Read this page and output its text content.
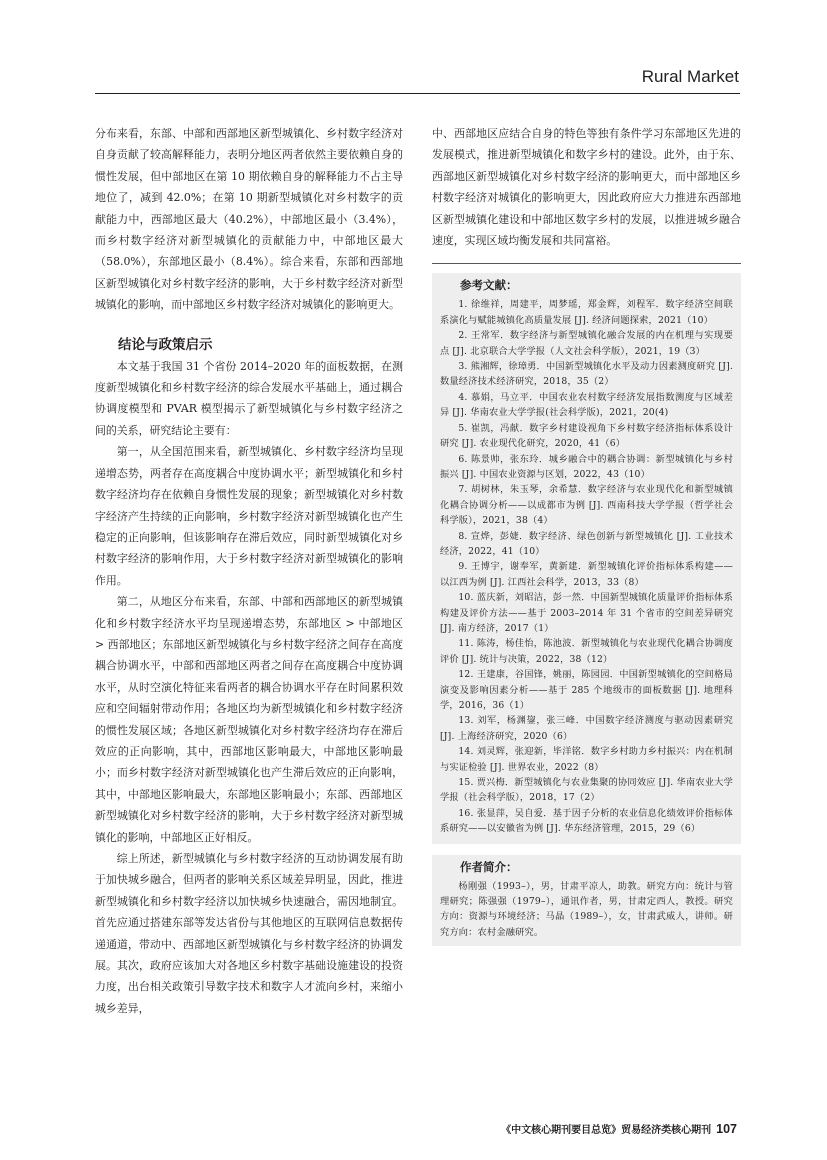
Rural Market

分布来看，东部、中部和西部地区新型城镇化、乡村数字经济对自身贡献了较高解释能力，表明分地区两者依然主要依赖自身的惯性发展，但中部地区在第 10 期依赖自身的解释能力不占主导地位了，减到 42.0%；在第 10 期新型城镇化对乡村数字的贡献能力中，西部地区最大（40.2%），中部地区最小（3.4%），而乡村数字经济对新型城镇化的贡献能力中，中部地区最大（58.0%），东部地区最小（8.4%）。综合来看，东部和西部地区新型城镇化对乡村数字经济的影响，大于乡村数字经济对新型城镇化的影响，而中部地区乡村数字经济对城镇化的影响更大。

结论与政策启示

本文基于我国 31 个省份 2014–2020 年的面板数据，在测度新型城镇化和乡村数字经济的综合发展水平基础上，通过耦合协调度模型和 PVAR 模型揭示了新型城镇化与乡村数字经济之间的关系，研究结论主要有：

第一，从全国范围来看，新型城镇化、乡村数字经济均呈现递增态势，两者存在高度耦合中度协调水平；新型城镇化和乡村数字经济均存在依赖自身惯性发展的现象；新型城镇化对乡村数字经济产生持续的正向影响，乡村数字经济对新型城镇化也产生稳定的正向影响，但该影响存在滞后效应，同时新型城镇化对乡村数字经济的影响作用，大于乡村数字经济对新型城镇化的影响作用。

第二，从地区分布来看，东部、中部和西部地区的新型城镇化和乡村数字经济水平均呈现递增态势，东部地区 > 中部地区 > 西部地区；东部地区新型城镇化与乡村数字经济之间存在高度耦合协调水平，中部和西部地区两者之间存在高度耦合中度协调水平，从时空演化特征来看两者的耦合协调水平存在时间累积效应和空间辐射带动作用；各地区均为新型城镇化和乡村数字经济的惯性发展区域；各地区新型城镇化对乡村数字经济均存在滞后效应的正向影响，其中，西部地区影响最大，中部地区影响最小；而乡村数字经济对新型城镇化也产生滞后效应的正向影响，其中，中部地区影响最大，东部地区影响最小；东部、西部地区新型城镇化对乡村数字经济的影响，大于乡村数字经济对新型城镇化的影响，中部地区正好相反。

综上所述，新型城镇化与乡村数字经济的互动协调发展有助于加快城乡融合，但两者的影响关系区域差异明显，因此，推进新型城镇化和乡村数字经济以加快城乡快速融合，需因地制宜。首先应通过搭建东部等发达省份与其他地区的互联网信息数据传递通道，带动中、西部地区新型城镇化与乡村数字经济的协调发展。其次，政府应该加大对各地区乡村数字基础设施建设的投资力度，出台相关政策引导数字技术和数字人才流向乡村，来缩小城乡差异，

中、西部地区应结合自身的特色等独有条件学习东部地区先进的发展模式，推进新型城镇化和数字乡村的建设。此外，由于东、西部地区新型城镇化对乡村数字经济的影响更大，而中部地区乡村数字经济对城镇化的影响更大，因此政府应大力推进东西部地区新型城镇化建设和中部地区数字乡村的发展，以推进城乡融合速度，实现区域均衡发展和共同富裕。

参考文献：

1. 徐维祥，周建平，周梦瑶，郑金辉，刘程军．数字经济空间联系演化与赋能城镇化高质量发展 [J]. 经济问题探索，2021（10）

2. 王常军．数字经济与新型城镇化融合发展的内在机理与实现要点 [J]. 北京联合大学学报（人文社会科学版），2021，19（3）

3. 熊湘辉，徐璋勇．中国新型城镇化水平及动力因素测度研究 [J]. 数量经济技术经济研究，2018，35（2）

4. 慕娟，马立平．中国农业农村数字经济发展指数测度与区域差异 [J]. 华南农业大学学报(社会科学版)，2021，20(4)

5. 崔凯，冯献．数字乡村建设视角下乡村数字经济指标体系设计研究 [J]. 农业现代化研究，2020，41（6）

6. 陈景帅，张东玲．城乡融合中的耦合协调：新型城镇化与乡村振兴 [J]. 中国农业资源与区划，2022，43（10）

7. 胡树林，朱玉琴，余希慧．数字经济与农业现代化和新型城镇化耦合协调分析——以成都市为例 [J]. 西南科技大学学报（哲学社会科学版），2021，38（4）

8. 宣烨，彭婕．数字经济、绿色创新与新型城镇化 [J]. 工业技术经济，2022，41（10）

9. 王博宇，谢奉军，黄新建．新型城镇化评价指标体系构建——以江西为例 [J]. 江西社会科学，2013，33（8）

10. 蓝庆新，刘昭洁，彭一然．中国新型城镇化质量评价指标体系构建及评价方法——基于 2003–2014 年 31 个省市的空间差异研究 [J]. 南方经济，2017（1）

11. 陈涛，杨佳怡，陈池波．新型城镇化与农业现代化耦合协调度评价 [J]. 统计与决策，2022，38（12）

12. 王建康，谷国锋，姚丽，陈园园．中国新型城镇化的空间格局演变及影响因素分析——基于 285 个地级市的面板数据 [J]. 地理科学，2016，36（1）

13. 刘军，杨渊鋆，张三峰．中国数字经济测度与驱动因素研究 [J]. 上海经济研究，2020（6）

14. 刘灵辉，张迎新，毕洋铭．数字乡村助力乡村振兴：内在机制与实证检验 [J]. 世界农业，2022（8）

15. 贾兴梅．新型城镇化与农业集聚的协同效应 [J]. 华南农业大学学报（社会科学版），2018，17（2）

16. 张显萍，吴自爱．基于因子分析的农业信息化绩效评价指标体系研究——以安徽省为例 [J]. 华东经济管理，2015，29（6）

作者简介：

杨刚强（1993–），男，甘肃平凉人，助教。研究方向：统计与管理研究；陈强强（1979–），通讯作者，男，甘肃定西人，教授。研究方向：资源与环境经济；马晶（1989–），女，甘肃武威人，讲师。研究方向：农村金融研究。

《中文核心期刊要目总览》贸易经济类核心期刊 107
